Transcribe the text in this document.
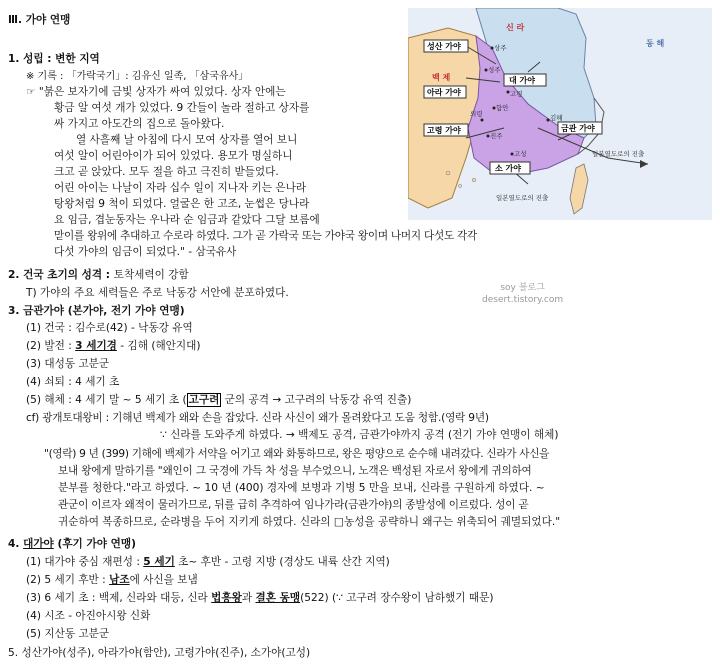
신 라
백 제
동 해
성산 가야
대 가야
아라 가야
금관 가야
고령 가야
소 가야
상주
고령
성주
함안
진주
김해
의령
고성	일본열도로의 진출
일본열도로의 진출
soy 블로그
desert.tistory.com
Ⅲ. 가야 연맹
1. 성립 : 변한 지역
※ 기록 : 「가락국기」: 김유신 일족, 「삼국유사」
☞ "붉은 보자기에 금빛 상자가 싸여 있었다. 상자 안에는
황금 알 여섯 개가 있었다. 9 간들이 놀라 절하고 상자를
싸 가지고 아도간의 집으로 돌아왔다.
열 사흘째 날 아침에 다시 모여 상자를 열어 보니
여섯 알이 어린아이가 되어 있었다. 용모가 명실하니
크고 곧 앉았다. 모두 절을 하고 극진히 받들었다.
어린 아이는 나날이 자라 십수 일이 지나자 키는 은나라
탕왕처럼 9 척이 되었다. 얼굴은 한 고조, 눈썹은 당나라
요 임금, 겹눈동자는 우나라 순 임금과 같았다 그달 보름에
맏이를 왕위에 추대하고 수로라 하였다. 그가 곧 가락국 또는 가야국 왕이며 나머지 다섯도 각각
다섯 가야의 임금이 되었다." - 삼국유사
2. 건국 초기의 성격 : 토착세력이 강함
T) 가야의 주요 세력들은 주로 낙동강 서안에 분포하였다.
3. 금관가야 (본가야, 전기 가야 연맹)
(1) 건국 : 김수로(42) - 낙동강 유역
(2) 발전 : 3 세기경 - 김해 (해안지대)
(3) 대성동 고분군
(4) 쇠퇴 : 4 세기 초
(5) 해체 : 4 세기 말 ~ 5 세기 초 ( 고구려 군의 공격 → 고구려의 낙동강 유역 진출)
cf) 광개토대왕비 : 기해년 백제가 왜와 손을 잡았다. 신라 사신이 왜가 몰려왔다고 도움 청함.(영락 9년)
∵ 신라를 도와주게 하였다. → 백제도 공격, 금관가야까지 공격 (전기 가야 연맹이 해체)
"(영락) 9 년 (399) 기해에 백제가 서약을 어기고 왜와 화통하므로, 왕은 평양으로 순수해 내려갔다. 신라가 사신을
보내 왕에게 말하기를 "왜인이 그 국경에 가득 차 성을 부수었으니, 노객은 백성된 자로서 왕에게 귀의하여
분부를 청한다."라고 하였다. ~ 10 년 (400) 경자에 보병과 기병 5 만을 보내, 신라를 구원하게 하였다. ~
관군이 이르자 왜적이 물러가므로, 뒤를 급히 추격하여 임나가라(금관가야)의 종발성에 이르렀다. 성이 곧
귀순하여 복종하므로, 순라병을 두어 지키게 하였다. 신라의 □농성을 공략하니 왜구는 위축되어 궤멸되었다."
4. 대가야 (후기 가야 연맹)
(1) 대가야 중심 재편성 : 5 세기 초~ 후반 - 고령 지방 (경상도 내륙 산간 지역)
(2) 5 세기 후반 : 남조에 사신을 보냄
(3) 6 세기 초 : 백제, 신라와 대등, 신라 법흥왕과 결혼 동맹(522) (∵ 고구려 장수왕이 남하했기 때문)
(4) 시조 - 아진아시왕 신화
(5) 지산동 고분군
5. 성산가야(성주), 아라가야(함안), 고령가야(진주), 소가야(고성)
